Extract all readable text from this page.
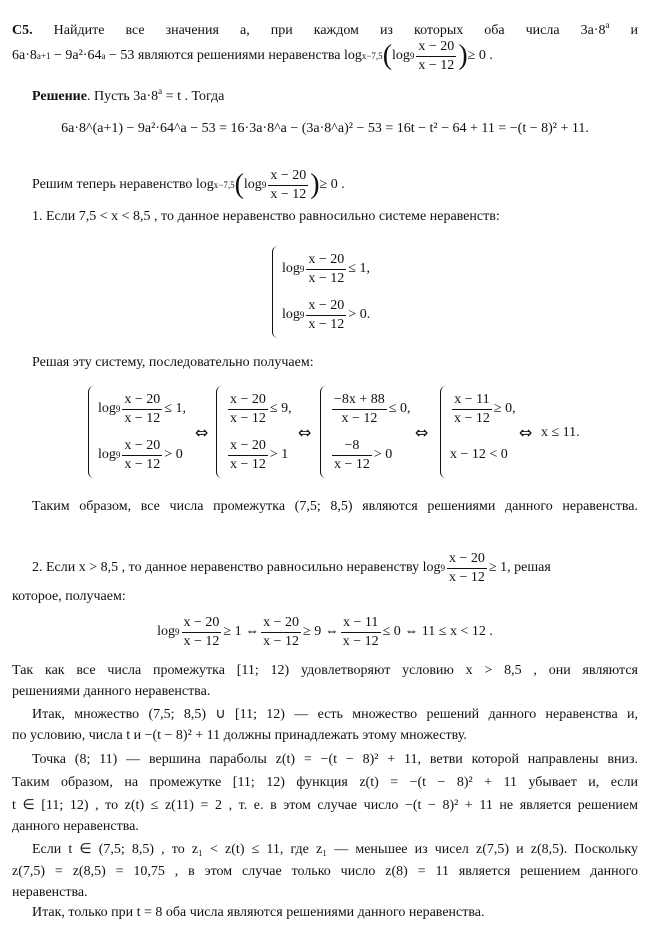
С5. Найдите все значения a, при каждом из которых оба числа $3a\cdot 8^a$ и
6a·8 a+1
− 9a²·64 a
− 53
являются решениями неравенства
log x−7,5 ( $\log 9 \frac{x - 20}{x - 12}$ ) ≥ 0 .
Решение. Пусть $3a\cdot 8^a = t$ . Тогда
6a·8^(a+1) − 9a²·64^a − 53 = 16·3a·8^a − (3a·8^a)² − 53 = 16t − t² − 64 + 11 = −(t − 8)² + 11.
Решим теперь неравенство
log x−7,5 ( $\log 9 \frac{x - 20}{x - 12}$ ) ≥ 0 .
1. Если 7,5 < x < 8,5 , то данное неравенство равносильно системе неравенств:
$\log 9 \frac{x - 20}{x - 12} \le 1$,
$\log 9 \frac{x - 20}{x - 12} > 0$.
Решая эту систему, последовательно получаем:
$\log 9 \frac{x - 20}{x - 12} \le 1$,
$\log 9 \frac{x - 20}{x - 12} > 0$
⇔
$\frac{x - 20}{x - 12} \le 9$,
$\frac{x - 20}{x - 12} > 1$
⇔
$\frac{-8x + 88}{x - 12} \le 0$,
$\frac{-8}{x - 12} > 0$
⇔
$\frac{x - 11}{x - 12} \ge 0$,
x − 12 < 0
⇔ x ≤ 11.
Таким образом, все числа промежутка (7,5; 8,5) являются решениями данного неравенства.
2. Если x > 8,5 , то данное неравенство равносильно неравенству
$\log 9 \frac{x - 20}{x - 12} \ge 1$ , решая
которое, получаем:
$\log 9 \frac{x - 20}{x - 12} \ge 1$ ⇔ $\frac{x - 20}{x - 12} \ge 9$ ⇔ $\frac{x - 11}{x - 12} \le 0$ ⇔ 11 ≤ x < 12 .
Так как все числа промежутка [11; 12) удовлетворяют условию x > 8,5 , они являются
решениями данного неравенства.
Итак, множество (7,5; 8,5) ∪ [11; 12) — есть множество решений данного неравенства и,
по условию, числа t и −(t − 8)² + 11 должны принадлежать этому множеству.
Точка (8; 11) — вершина параболы z(t) = −(t − 8)² + 11, ветви которой направлены вниз.
Таким образом, на промежутке [11; 12) функция z(t) = −(t − 8)² + 11 убывает и, если
t ∈ [11; 12) , то z(t) ≤ z(11) = 2 , т. е. в этом случае число −(t − 8)² + 11 не является решением
данного неравенства.
Если t ∈ (7,5; 8,5) , то z₁ < z(t) ≤ 11, где z₁ — меньшее из чисел z(7,5) и z(8,5). Поскольку
z(7,5) = z(8,5) = 10,75 , в этом случае только число z(8) = 11 является решением данного
неравенства.
Итак, только при t = 8 оба числа являются решениями данного неравенства.
